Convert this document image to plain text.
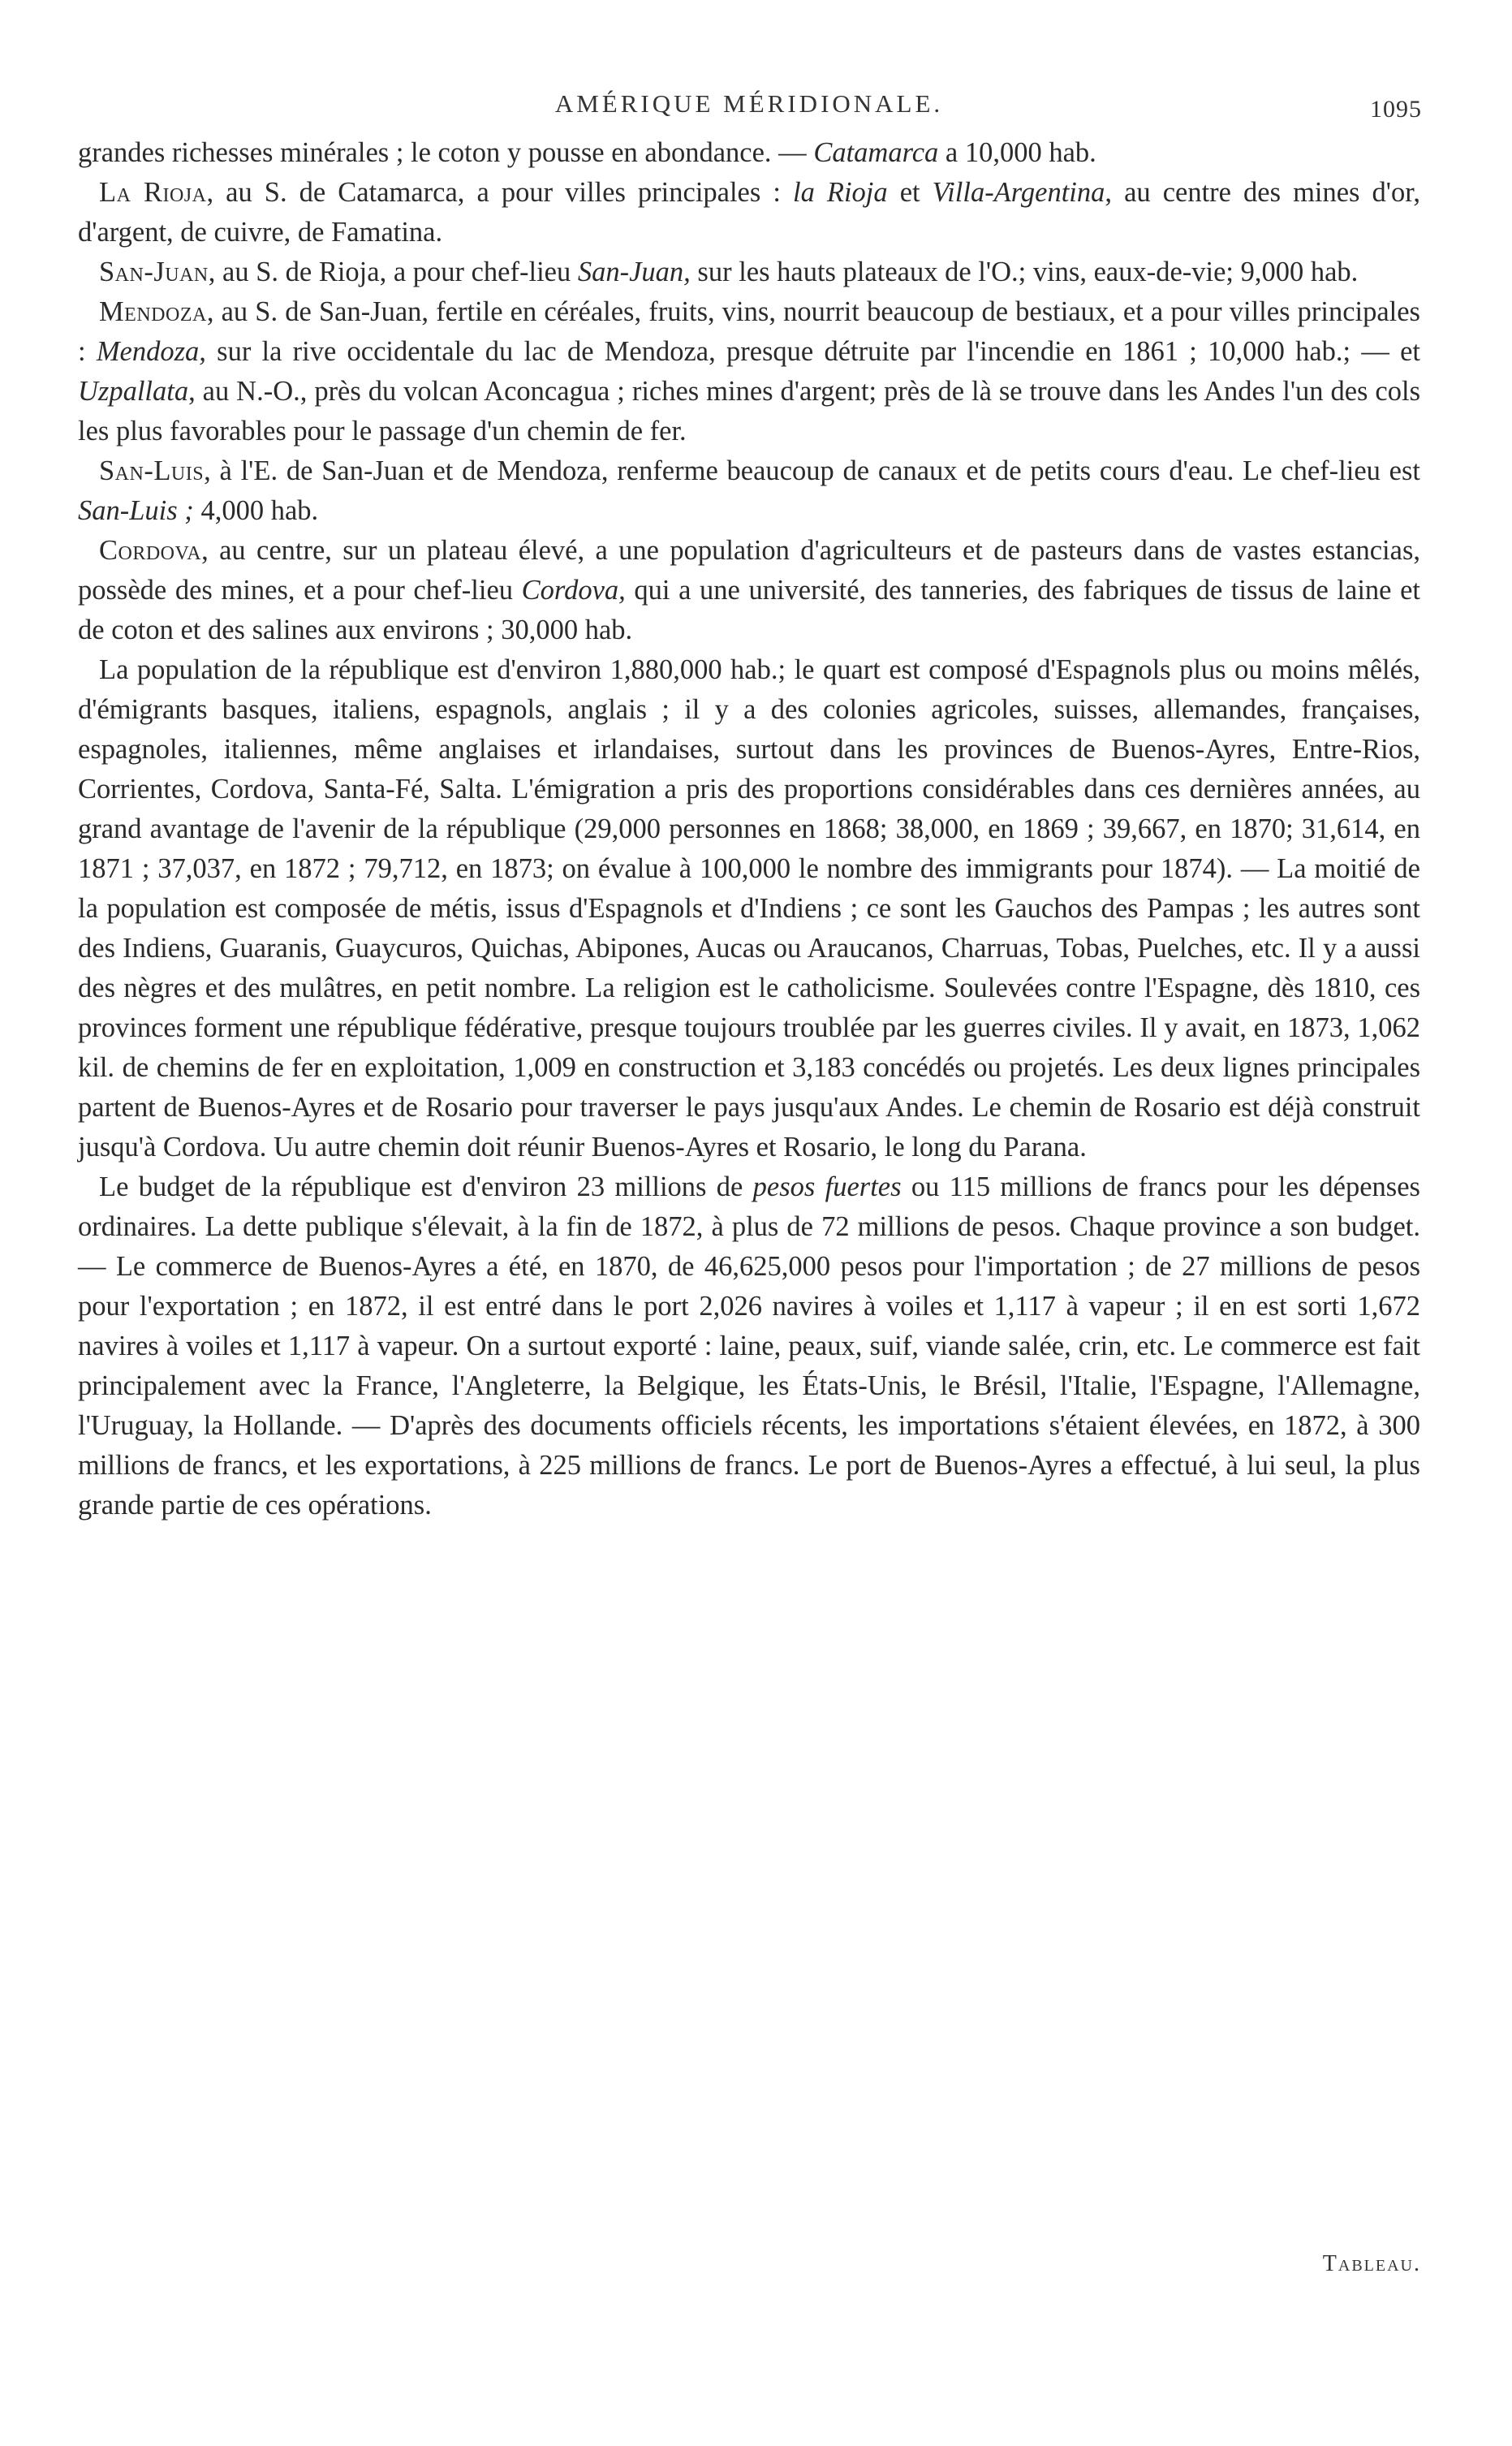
AMÉRIQUE MÉRIDIONALE.	1095

grandes richesses minérales ; le coton y pousse en abondance. — Catamarca a 10,000 hab.

La Rioja, au S. de Catamarca, a pour villes principales : la Rioja et Villa-Argentina, au centre des mines d'or, d'argent, de cuivre, de Famatina.

San-Juan, au S. de Rioja, a pour chef-lieu San-Juan, sur les hauts plateaux de l'O.; vins, eaux-de-vie; 9,000 hab.

Mendoza, au S. de San-Juan, fertile en céréales, fruits, vins, nourrit beaucoup de bestiaux, et a pour villes principales : Mendoza, sur la rive occidentale du lac de Mendoza, presque détruite par l'incendie en 1861 ; 10,000 hab.; — et Uzpallata, au N.-O., près du volcan Aconcagua ; riches mines d'argent; près de là se trouve dans les Andes l'un des cols les plus favorables pour le passage d'un chemin de fer.

San-Luis, à l'E. de San-Juan et de Mendoza, renferme beaucoup de canaux et de petits cours d'eau. Le chef-lieu est San-Luis ; 4,000 hab.

Cordova, au centre, sur un plateau élevé, a une population d'agriculteurs et de pasteurs dans de vastes estancias, possède des mines, et a pour chef-lieu Cordova, qui a une université, des tanneries, des fabriques de tissus de laine et de coton et des salines aux environs ; 30,000 hab.

La population de la république est d'environ 1,880,000 hab.; le quart est composé d'Espagnols plus ou moins mêlés, d'émigrants basques, italiens, espagnols, anglais ; il y a des colonies agricoles, suisses, allemandes, françaises, espagnoles, italiennes, même anglaises et irlandaises, surtout dans les provinces de Buenos-Ayres, Entre-Rios, Corrientes, Cordova, Santa-Fé, Salta. L'émigration a pris des proportions considérables dans ces dernières années, au grand avantage de l'avenir de la république (29,000 personnes en 1868; 38,000, en 1869 ; 39,667, en 1870; 31,614, en 1871 ; 37,037, en 1872 ; 79,712, en 1873; on évalue à 100,000 le nombre des immigrants pour 1874). — La moitié de la population est composée de métis, issus d'Espagnols et d'Indiens ; ce sont les Gauchos des Pampas ; les autres sont des Indiens, Guaranis, Guaycuros, Quichas, Abipones, Aucas ou Araucanos, Charruas, Tobas, Puelches, etc. Il y a aussi des nègres et des mulâtres, en petit nombre. La religion est le catholicisme. Soulevées contre l'Espagne, dès 1810, ces provinces forment une république fédérative, presque toujours troublée par les guerres civiles. Il y avait, en 1873, 1,062 kil. de chemins de fer en exploitation, 1,009 en construction et 3,183 concédés ou projetés. Les deux lignes principales partent de Buenos-Ayres et de Rosario pour traverser le pays jusqu'aux Andes. Le chemin de Rosario est déjà construit jusqu'à Cordova. Uu autre chemin doit réunir Buenos-Ayres et Rosario, le long du Parana.

Le budget de la république est d'environ 23 millions de pesos fuertes ou 115 millions de francs pour les dépenses ordinaires. La dette publique s'élevait, à la fin de 1872, à plus de 72 millions de pesos. Chaque province a son budget. — Le commerce de Buenos-Ayres a été, en 1870, de 46,625,000 pesos pour l'importation ; de 27 millions de pesos pour l'exportation ; en 1872, il est entré dans le port 2,026 navires à voiles et 1,117 à vapeur ; il en est sorti 1,672 navires à voiles et 1,117 à vapeur. On a surtout exporté : laine, peaux, suif, viande salée, crin, etc. Le commerce est fait principalement avec la France, l'Angleterre, la Belgique, les États-Unis, le Brésil, l'Italie, l'Espagne, l'Allemagne, l'Uruguay, la Hollande. — D'après des documents officiels récents, les importations s'étaient élevées, en 1872, à 300 millions de francs, et les exportations, à 225 millions de francs. Le port de Buenos-Ayres a effectué, à lui seul, la plus grande partie de ces opérations.

Tableau.
